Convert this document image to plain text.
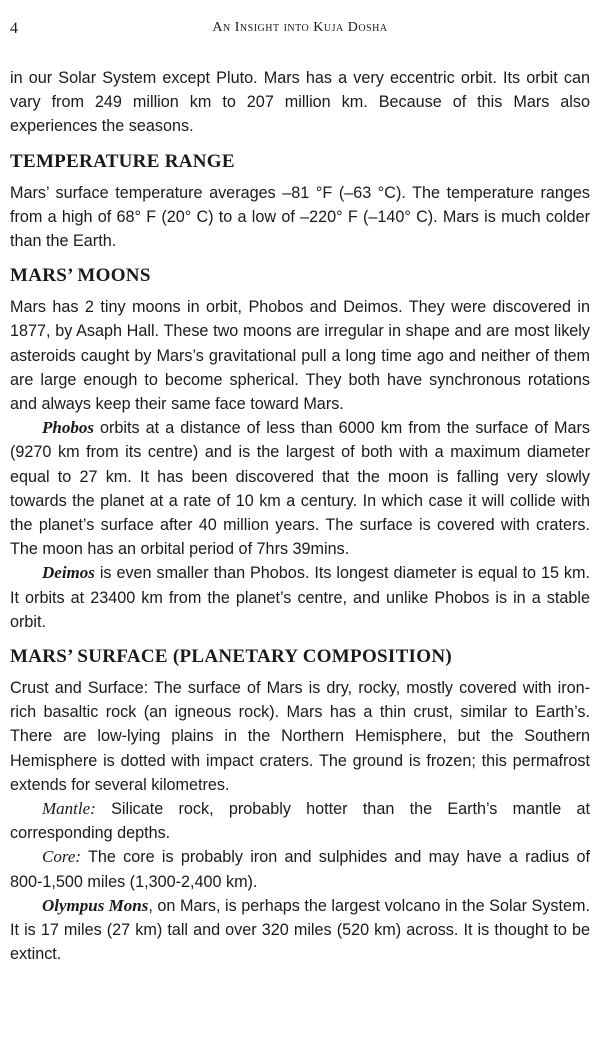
4	An Insight into Kuja Dosha

in our Solar System except Pluto. Mars has a very eccentric orbit. Its orbit can vary from 249 million km to 207 million km. Because of this Mars also experiences the seasons.

TEMPERATURE RANGE

Mars’ surface temperature averages –81 °F (–63 °C). The temperature ranges from a high of 68° F (20° C) to a low of –220° F (–140° C). Mars is much colder than the Earth.

MARS’ MOONS

Mars has 2 tiny moons in orbit, Phobos and Deimos. They were discovered in 1877, by Asaph Hall. These two moons are irregular in shape and are most likely asteroids caught by Mars’s gravitational pull a long time ago and neither of them are large enough to become spherical. They both have synchronous rotations and always keep their same face toward Mars.

Phobos orbits at a distance of less than 6000 km from the surface of Mars (9270 km from its centre) and is the largest of both with a maximum diameter equal to 27 km. It has been discovered that the moon is falling very slowly towards the planet at a rate of 10 km a century. In which case it will collide with the planet’s surface after 40 million years. The surface is covered with craters. The moon has an orbital period of 7hrs 39mins.

Deimos is even smaller than Phobos. Its longest diameter is equal to 15 km. It orbits at 23400 km from the planet’s centre, and unlike Phobos is in a stable orbit.

MARS’ SURFACE (PLANETARY COMPOSITION)

Crust and Surface: The surface of Mars is dry, rocky, mostly covered with iron-rich basaltic rock (an igneous rock). Mars has a thin crust, similar to Earth’s. There are low-lying plains in the Northern Hemisphere, but the Southern Hemisphere is dotted with impact craters. The ground is frozen; this permafrost extends for several kilometres.

Mantle: Silicate rock, probably hotter than the Earth’s mantle at corresponding depths.

Core: The core is probably iron and sulphides and may have a radius of 800-1,500 miles (1,300-2,400 km).

Olympus Mons, on Mars, is perhaps the largest volcano in the Solar System. It is 17 miles (27 km) tall and over 320 miles (520 km) across. It is thought to be extinct.
